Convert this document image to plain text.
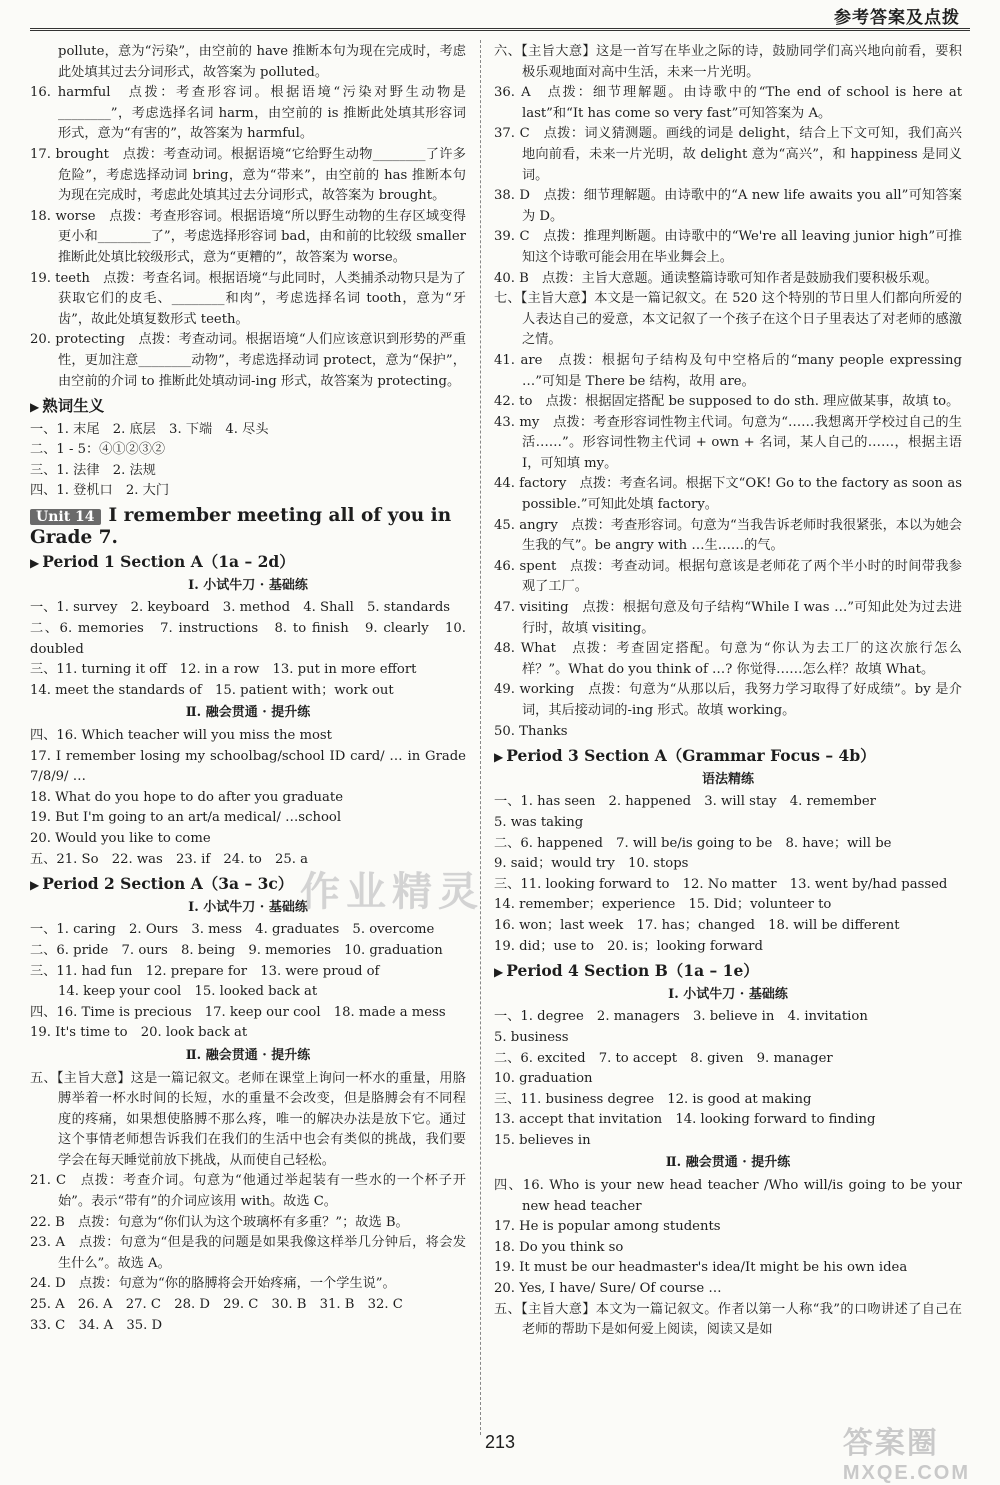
参考答案及点拨

pollute，意为“污染”，由空前的 have 推断本句为现在完成时，考虑此处填其过去分词形式，故答案为 polluted。

16. harmful　点拨：考查形容词。根据语境“污染对野生动物是________”，考虑选择名词 harm，由空前的 is 推断此处填其形容词形式，意为“有害的”，故答案为 harmful。

17. brought　点拨：考查动词。根据语境“它给野生动物________了许多危险”，考虑选择动词 bring，意为“带来”，由空前的 has 推断本句为现在完成时，考虑此处填其过去分词形式，故答案为 brought。

18. worse　点拨：考查形容词。根据语境“所以野生动物的生存区域变得更小和________了”，考虑选择形容词 bad，由和前的比较级 smaller 推断此处填比较级形式，意为“更糟的”，故答案为 worse。

19. teeth　点拨：考查名词。根据语境“与此同时，人类捕杀动物只是为了获取它们的皮毛、________和肉”，考虑选择名词 tooth，意为“牙齿”，故此处填复数形式 teeth。

20. protecting　点拨：考查动词。根据语境“人们应该意识到形势的严重性，更加注意________动物”，考虑选择动词 protect，意为“保护”，由空前的介词 to 推断此处填动词-ing 形式，故答案为 protecting。

▶ 熟词生义

一、1. 末尾　2. 底层　3. 下端　4. 尽头

二、1 - 5：④①②③②

三、1. 法律　2. 法规

四、1. 登机口　2. 大门

Unit 14 I remember meeting all of you in Grade 7.
▶ Period 1 Section A（1a – 2d）
Ⅰ. 小试牛刀 · 基础练

一、1. survey　2. keyboard　3. method　4. Shall　5. standards

二、6. memories　7. instructions　8. to finish　9. clearly　10. doubled

三、11. turning it off　12. in a row　13. put in more effort

14. meet the standards of　15. patient with；work out

Ⅱ. 融会贯通 · 提升练

四、16. Which teacher will you miss the most

17. I remember losing my schoolbag/school ID card/ … in Grade 7/8/9/ …

18. What do you hope to do after you graduate

19. But I'm going to an art/a medical/ …school

20. Would you like to come

五、21. So　22. was　23. if　24. to　25. a

▶ Period 2 Section A（3a – 3c）
Ⅰ. 小试牛刀 · 基础练

一、1. caring　2. Ours　3. mess　4. graduates　5. overcome

二、6. pride　7. ours　8. being　9. memories　10. graduation

三、11. had fun　12. prepare for　13. were proud of

14. keep your cool　15. looked back at

四、16. Time is precious　17. keep our cool　18. made a mess

19. It's time to　20. look back at

Ⅱ. 融会贯通 · 提升练

五、【主旨大意】这是一篇记叙文。老师在课堂上询问一杯水的重量，用胳膊举着一杯水时间的长短，水的重量不会改变，但是胳膊会有不同程度的疼痛，如果想使胳膊不那么疼，唯一的解决办法是放下它。通过这个事情老师想告诉我们在我们的生活中也会有类似的挑战，我们要学会在每天睡觉前放下挑战，从而使自己轻松。

21. C　点拨：考查介词。句意为“他通过举起装有一些水的一个杯子开始”。表示“带有”的介词应该用 with。故选 C。

22. B　点拨：句意为“你们认为这个玻璃杯有多重？”；故选 B。

23. A　点拨：句意为“但是我的问题是如果我像这样举几分钟后，将会发生什么”。故选 A。

24. D　点拨：句意为“你的胳膊将会开始疼痛，一个学生说”。

25. A　26. A　27. C　28. D　29. C　30. B　31. B　32. C

33. C　34. A　35. D

六、【主旨大意】这是一首写在毕业之际的诗，鼓励同学们高兴地向前看，要积极乐观地面对高中生活，未来一片光明。

36. A　点拨：细节理解题。由诗歌中的“The end of school is here at last”和“It has come so very fast”可知答案为 A。

37. C　点拨：词义猜测题。画线的词是 delight，结合上下文可知，我们高兴地向前看，未来一片光明，故 delight 意为“高兴”，和 happiness 是同义词。

38. D　点拨：细节理解题。由诗歌中的“A new life awaits you all”可知答案为 D。

39. C　点拨：推理判断题。由诗歌中的“We're all leaving junior high”可推知这个诗歌可能会用在毕业舞会上。

40. B　点拨：主旨大意题。通读整篇诗歌可知作者是鼓励我们要积极乐观。

七、【主旨大意】本文是一篇记叙文。在 520 这个特别的节日里人们都向所爱的人表达自己的爱意，本文记叙了一个孩子在这个日子里表达了对老师的感激之情。

41. are　点拨：根据句子结构及句中空格后的“many people expressing …”可知是 There be 结构，故用 are。

42. to　点拨：根据固定搭配 be supposed to do sth. 理应做某事，故填 to。

43. my　点拨：考查形容词性物主代词。句意为“……我想离开学校过自己的生活……”。形容词性物主代词 + own + 名词，某人自己的……，根据主语 I，可知填 my。

44. factory　点拨：考查名词。根据下文“OK! Go to the factory as soon as possible.”可知此处填 factory。

45. angry　点拨：考查形容词。句意为“当我告诉老师时我很紧张，本以为她会生我的气”。be angry with …生……的气。

46. spent　点拨：考查动词。根据句意该是老师花了两个半小时的时间带我参观了工厂。

47. visiting　点拨：根据句意及句子结构“While I was …”可知此处为过去进行时，故填 visiting。

48. What　点拨：考查固定搭配。句意为“你认为去工厂的这次旅行怎么样？”。What do you think of …? 你觉得……怎么样？故填 What。

49. working　点拨：句意为“从那以后，我努力学习取得了好成绩”。by 是介词，其后接动词的-ing 形式。故填 working。

50. Thanks

▶ Period 3 Section A（Grammar Focus – 4b）
语法精练

一、1. has seen　2. happened　3. will stay　4. remember

5. was taking

二、6. happened　7. will be/is going to be　8. have；will be

9. said；would try　10. stops

三、11. looking forward to　12. No matter　13. went by/had passed

14. remember；experience　15. Did；volunteer to

16. won；last week　17. has；changed　18. will be different

19. did；use to　20. is；looking forward

▶ Period 4 Section B（1a – 1e）
Ⅰ. 小试牛刀 · 基础练

一、1. degree　2. managers　3. believe in　4. invitation

5. business

二、6. excited　7. to accept　8. given　9. manager

10. graduation

三、11. business degree　12. is good at making

13. accept that invitation　14. looking forward to finding

15. believes in

Ⅱ. 融会贯通 · 提升练

四、16. Who is your new head teacher /Who will/is going to be your new head teacher

17. He is popular among students

18. Do you think so

19. It must be our headmaster's idea/It might be his own idea

20. Yes, I have/ Sure/ Of course …

五、【主旨大意】本文为一篇记叙文。作者以第一人称“我”的口吻讲述了自己在老师的帮助下是如何爱上阅读，阅读又是如

作业精灵
213	答案圈
MXQE.COM
